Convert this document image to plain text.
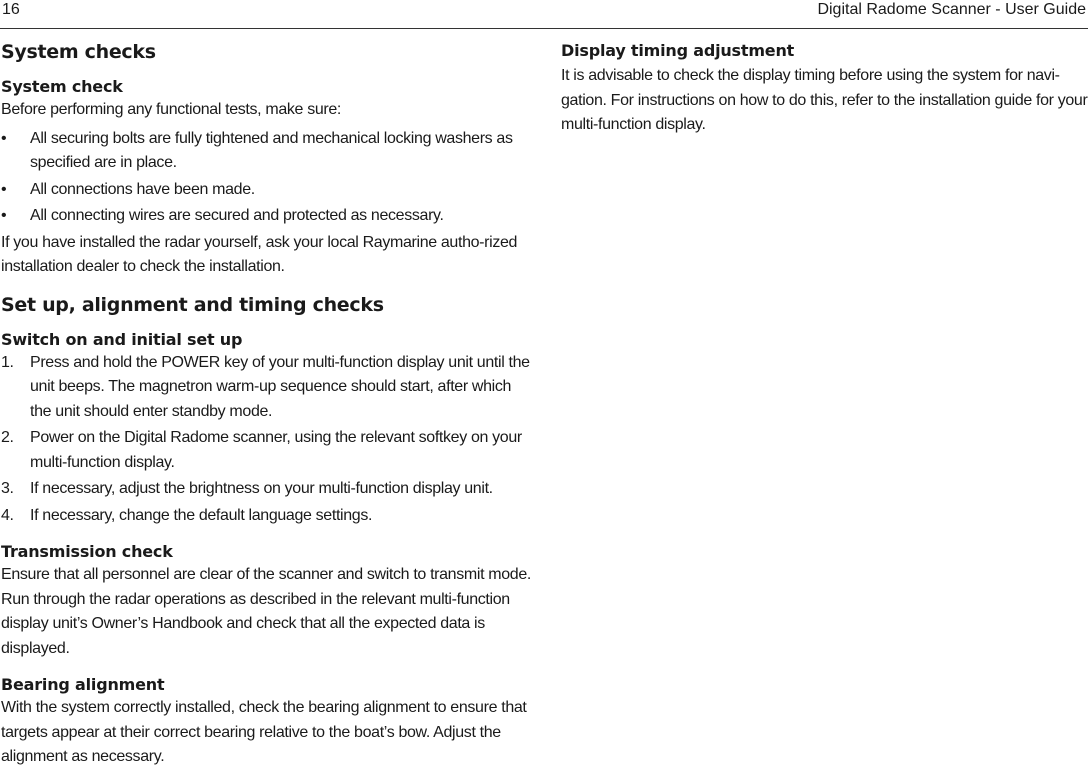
16	Digital Radome Scanner - User Guide
System checks
System check

Before performing any functional tests, make sure:

• All securing bolts are fully tightened and mechanical locking washers as specified are in place.
• All connections have been made.
• All connecting wires are secured and protected as necessary.

If you have installed the radar yourself, ask your local Raymarine autho-rized installation dealer to check the installation.

Set up, alignment and timing checks
Switch on and initial set up
1. Press and hold the POWER key of your multi-function display unit until the unit beeps. The magnetron warm-up sequence should start, after which the unit should enter standby mode.
2. Power on the Digital Radome scanner, using the relevant softkey on your multi-function display.
3. If necessary, adjust the brightness on your multi-function display unit.
4. If necessary, change the default language settings.
Transmission check

Ensure that all personnel are clear of the scanner and switch to transmit mode. Run through the radar operations as described in the relevant multi-function display unit’s Owner’s Handbook and check that all the expected data is displayed.

Bearing alignment

With the system correctly installed, check the bearing alignment to ensure that targets appear at their correct bearing relative to the boat’s bow. Adjust the alignment as necessary.

Display timing adjustment

It is advisable to check the display timing before using the system for navi-gation. For instructions on how to do this, refer to the installation guide for your multi-function display.
